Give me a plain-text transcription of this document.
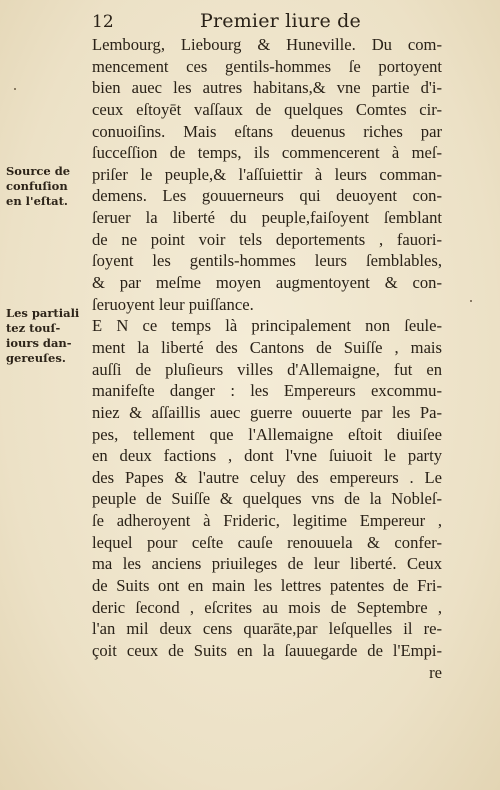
12	Premier liure de
Source de
confuſion
en l'eſtat.
Les partiali
tez touſ-
iours dan-
gereuſes.
Lembourg, Liebourg & Huneville. Du com-
mencement ces gentils-hommes ſe portoyent
bien auec les autres habitans,& vne partie d'i-
ceux eſtoyēt vaſſaux de quelques Comtes cir-
conuoiſins. Mais eſtans deuenus riches par
ſucceſſion de temps, ils commencerent à meſ-
priſer le peuple,& l'aſſuiettir à leurs comman-
demens. Les gouuerneurs qui deuoyent con-
ſeruer la liberté du peuple,faiſoyent ſemblant
de ne point voir tels deportements , fauori-
ſoyent les gentils-hommes leurs ſemblables,
& par meſme moyen augmentoyent & con-
ſeruoyent leur puiſſance.
E N ce temps là principalement non ſeule-
ment la liberté des Cantons de Suiſſe , mais
auſſi de pluſieurs villes d'Allemaigne, fut en
manifeſte danger : les Empereurs excommu-
niez & aſſaillis auec guerre ouuerte par les Pa-
pes, tellement que l'Allemaigne eſtoit diuiſee
en deux factions , dont l'vne ſuiuoit le party
des Papes & l'autre celuy des empereurs . Le
peuple de Suiſſe & quelques vns de la Nobleſ-
ſe adheroyent à Frideric, legitime Empereur ,
lequel pour ceſte cauſe renouuela & confer-
ma les anciens priuileges de leur liberté. Ceux
de Suits ont en main les lettres patentes de Fri-
deric ſecond , eſcrites au mois de Septembre ,
l'an mil deux cens quarāte,par leſquelles il re-
çoit ceux de Suits en la ſauuegarde de l'Empi-
re
